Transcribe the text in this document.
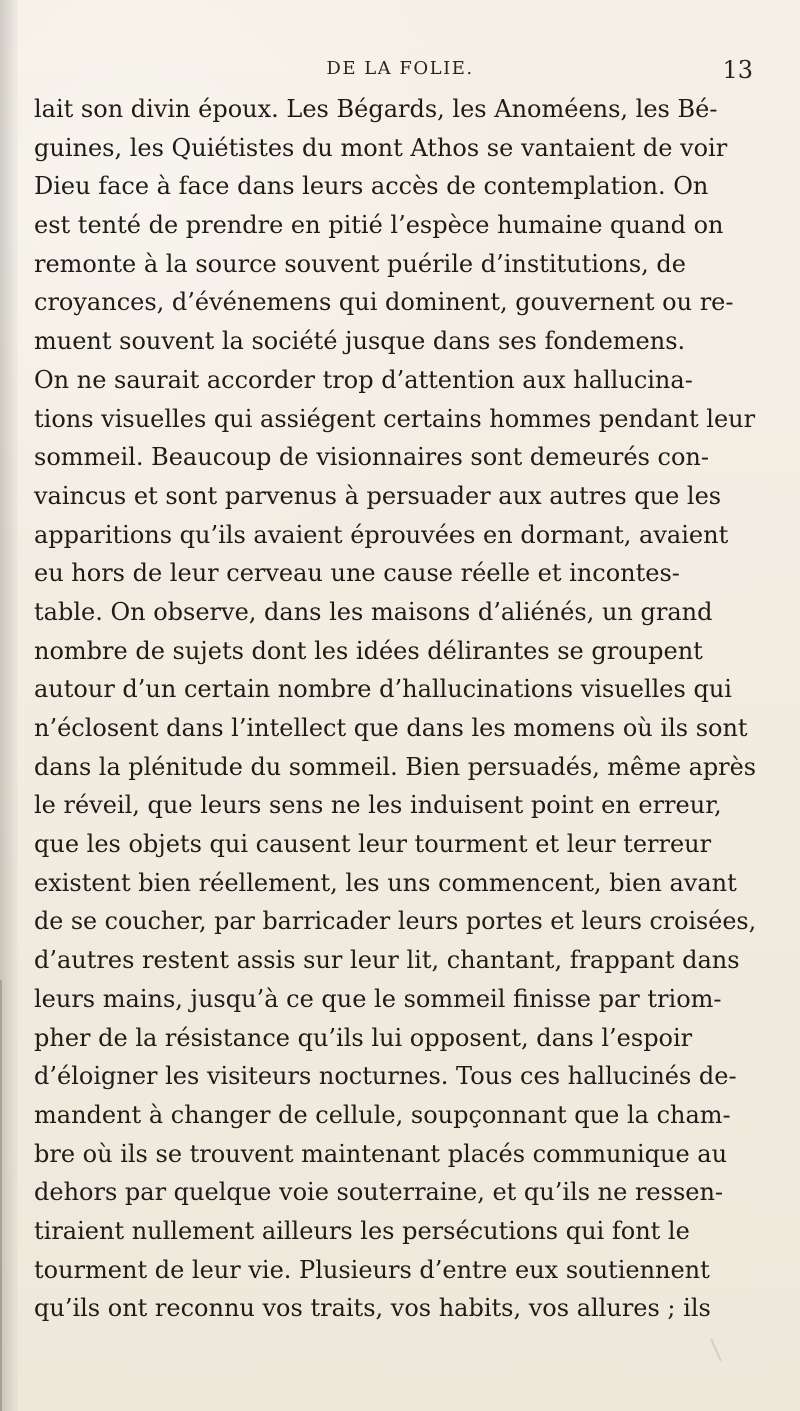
DE LA FOLIE.	13
lait son divin époux. Les Bégards, les Anoméens, les Bé-
guines, les Quiétistes du mont Athos se vantaient de voir
Dieu face à face dans leurs accès de contemplation. On
est tenté de prendre en pitié l’espèce humaine quand on
remonte à la source souvent puérile d’institutions, de
croyances, d’événemens qui dominent, gouvernent ou re-
muent souvent la société jusque dans ses fondemens.
On ne saurait accorder trop d’attention aux hallucina-
tions visuelles qui assiégent certains hommes pendant leur
sommeil. Beaucoup de visionnaires sont demeurés con-
vaincus et sont parvenus à persuader aux autres que les
apparitions qu’ils avaient éprouvées en dormant, avaient
eu hors de leur cerveau une cause réelle et incontes-
table. On observe, dans les maisons d’aliénés, un grand
nombre de sujets dont les idées délirantes se groupent
autour d’un certain nombre d’hallucinations visuelles qui
n’éclosent dans l’intellect que dans les momens où ils sont
dans la plénitude du sommeil. Bien persuadés, même après
le réveil, que leurs sens ne les induisent point en erreur,
que les objets qui causent leur tourment et leur terreur
existent bien réellement, les uns commencent, bien avant
de se coucher, par barricader leurs portes et leurs croisées,
d’autres restent assis sur leur lit, chantant, frappant dans
leurs mains, jusqu’à ce que le sommeil finisse par triom-
pher de la résistance qu’ils lui opposent, dans l’espoir
d’éloigner les visiteurs nocturnes. Tous ces hallucinés de-
mandent à changer de cellule, soupçonnant que la cham-
bre où ils se trouvent maintenant placés communique au
dehors par quelque voie souterraine, et qu’ils ne ressen-
tiraient nullement ailleurs les persécutions qui font le
tourment de leur vie. Plusieurs d’entre eux soutiennent
qu’ils ont reconnu vos traits, vos habits, vos allures ; ils
